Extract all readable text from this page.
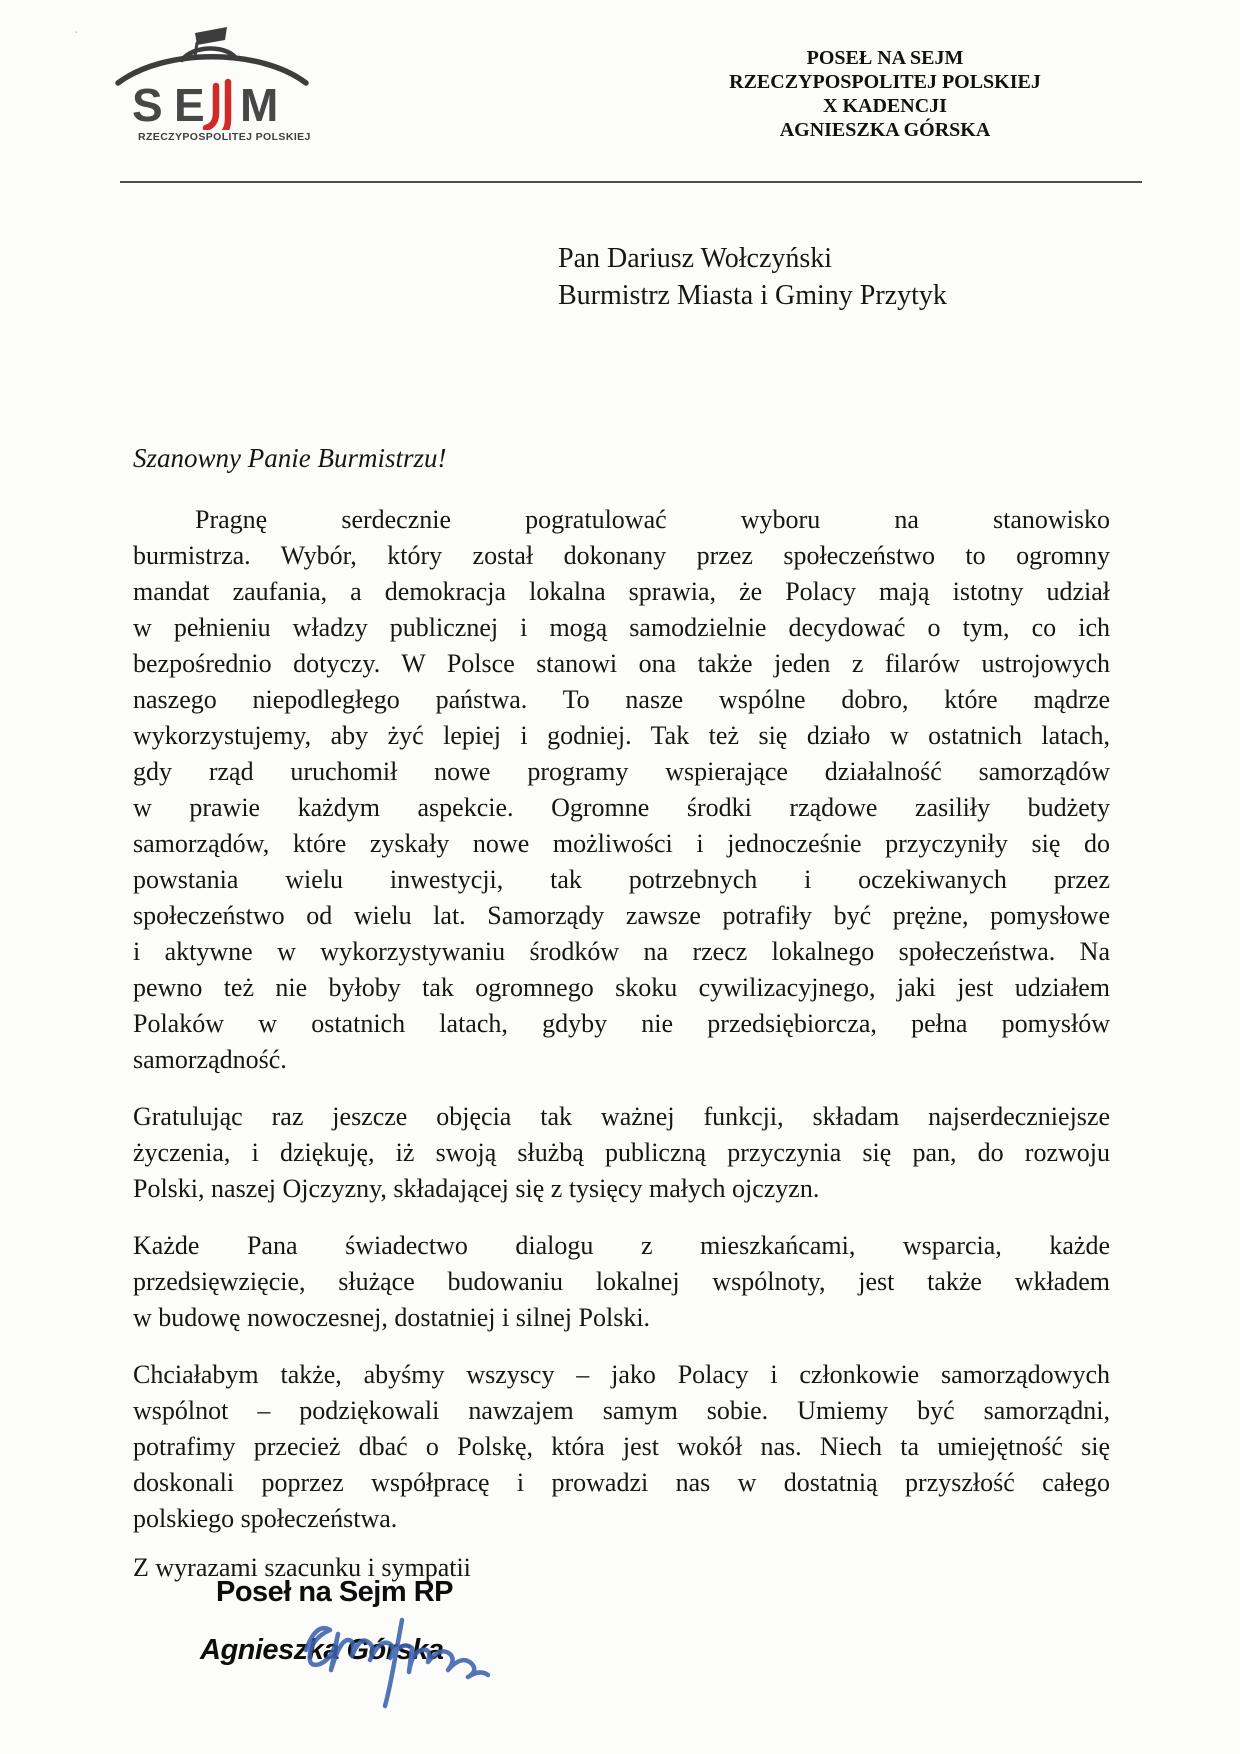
·
S E M
RZECZYPOSPOLITEJ POLSKIEJ
POSEŁ NA SEJM
RZECZYPOSPOLITEJ POLSKIEJ
X KADENCJI
AGNIESZKA GÓRSKA
Pan Dariusz Wołczyński
Burmistrz Miasta i Gminy Przytyk
Szanowny Panie Burmistrzu!
Pragnę serdecznie pogratulować wyboru na stanowisko
burmistrza. Wybór, który został dokonany przez społeczeństwo to ogromny
mandat zaufania, a demokracja lokalna sprawia, że Polacy mają istotny udział
w pełnieniu władzy publicznej i mogą samodzielnie decydować o tym, co ich
bezpośrednio dotyczy. W Polsce stanowi ona także jeden z filarów ustrojowych
naszego niepodległego państwa. To nasze wspólne dobro, które mądrze
wykorzystujemy, aby żyć lepiej i godniej. Tak też się działo w ostatnich latach,
gdy rząd uruchomił nowe programy wspierające działalność samorządów
w prawie każdym aspekcie. Ogromne środki rządowe zasiliły budżety
samorządów, które zyskały nowe możliwości i jednocześnie przyczyniły się do
powstania wielu inwestycji, tak potrzebnych i oczekiwanych przez
społeczeństwo od wielu lat. Samorządy zawsze potrafiły być prężne, pomysłowe
i aktywne w wykorzystywaniu środków na rzecz lokalnego społeczeństwa. Na
pewno też nie byłoby tak ogromnego skoku cywilizacyjnego, jaki jest udziałem
Polaków w ostatnich latach, gdyby nie przedsiębiorcza, pełna pomysłów
samorządność.
Gratulując raz jeszcze objęcia tak ważnej funkcji, składam najserdeczniejsze
życzenia, i dziękuję, iż swoją służbą publiczną przyczynia się pan, do rozwoju
Polski, naszej Ojczyzny, składającej się z tysięcy małych ojczyzn.
Każde Pana świadectwo dialogu z mieszkańcami, wsparcia, każde
przedsięwzięcie, służące budowaniu lokalnej wspólnoty, jest także wkładem
w budowę nowoczesnej, dostatniej i silnej Polski.
Chciałabym także, abyśmy wszyscy – jako Polacy i członkowie samorządowych
wspólnot – podziękowali nawzajem samym sobie. Umiemy być samorządni,
potrafimy przecież dbać o Polskę, która jest wokół nas. Niech ta umiejętność się
doskonali poprzez współpracę i prowadzi nas w dostatnią przyszłość całego
polskiego społeczeństwa.
Z wyrazami szacunku i sympatii
Poseł na Sejm RP
Agnieszka Górska
